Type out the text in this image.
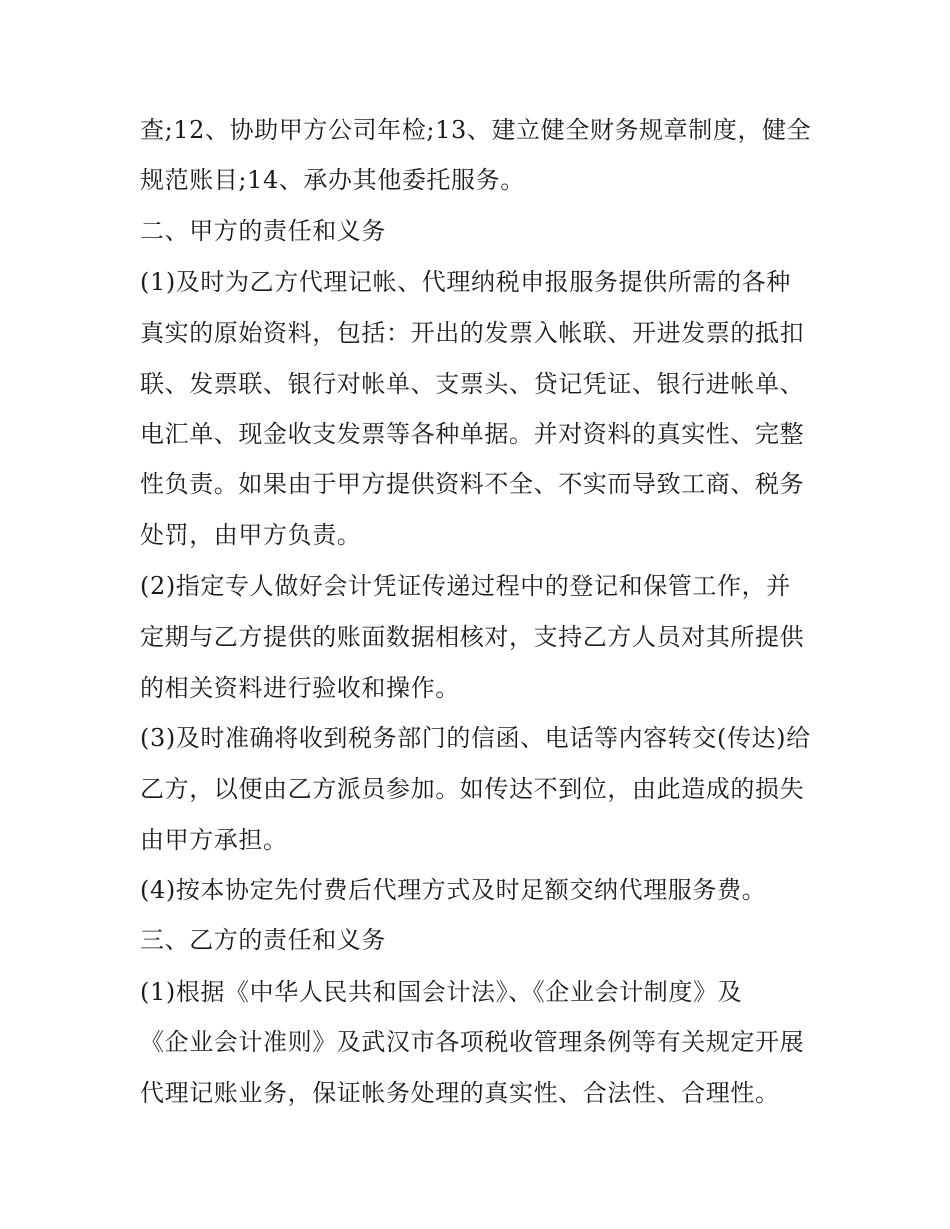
查;12、协助甲方公司年检;13、建立健全财务规章制度，健全
规范账目;14、承办其他委托服务。
二、甲方的责任和义务
(1)及时为乙方代理记帐、代理纳税申报服务提供所需的各种
真实的原始资料，包括：开出的发票入帐联、开进发票的抵扣
联、发票联、银行对帐单、支票头、贷记凭证、银行进帐单、
电汇单、现金收支发票等各种单据。并对资料的真实性、完整
性负责。如果由于甲方提供资料不全、不实而导致工商、税务
处罚，由甲方负责。
(2)指定专人做好会计凭证传递过程中的登记和保管工作，并
定期与乙方提供的账面数据相核对，支持乙方人员对其所提供
的相关资料进行验收和操作。
(3)及时准确将收到税务部门的信函、电话等内容转交(传达)给
乙方，以便由乙方派员参加。如传达不到位，由此造成的损失
由甲方承担。
(4)按本协定先付费后代理方式及时足额交纳代理服务费。
三、乙方的责任和义务
(1)根据《中华人民共和国会计法》、《企业会计制度》及
《企业会计准则》及武汉市各项税收管理条例等有关规定开展
代理记账业务，保证帐务处理的真实性、合法性、合理性。
